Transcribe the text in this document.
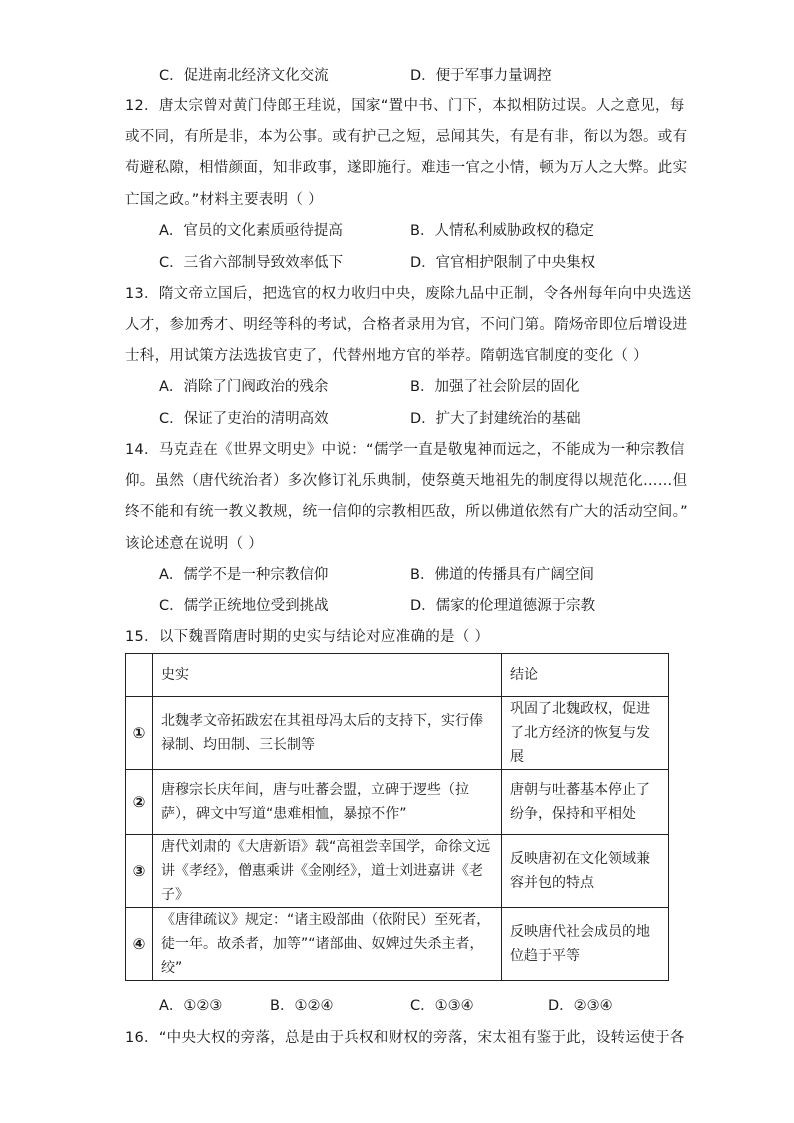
C．促进南北经济文化交流	D．便于军事力量调控
12．唐太宗曾对黄门侍郎王珪说，国家“置中书、门下，本拟相防过误。人之意见，每
或不同，有所是非，本为公事。或有护己之短，忌闻其失，有是有非，衔以为怨。或有
苟避私隙，相惜颜面，知非政事，遂即施行。难违一官之小情，顿为万人之大弊。此实
亡国之政。”材料主要表明（ ）
A．官员的文化素质亟待提高	B．人情私利威胁政权的稳定
C．三省六部制导致效率低下	D．官官相护限制了中央集权
13．隋文帝立国后，把选官的权力收归中央，废除九品中正制，令各州每年向中央选送
人才，参加秀才、明经等科的考试，合格者录用为官，不问门第。隋炀帝即位后增设进
士科，用试策方法选拔官吏了，代替州地方官的举荐。隋朝选官制度的变化（ ）
A．消除了门阀政治的残余	B．加强了社会阶层的固化
C．保证了吏治的清明高效	D．扩大了封建统治的基础
14．马克垚在《世界文明史》中说：“儒学一直是敬鬼神而远之，不能成为一种宗教信
仰。虽然（唐代统治者）多次修订礼乐典制，使祭奠天地祖先的制度得以规范化……但
终不能和有统一教义教规，统一信仰的宗教相匹敌，所以佛道依然有广大的活动空间。”
该论述意在说明（ ）
A．儒学不是一种宗教信仰	B．佛道的传播具有广阔空间
C．儒学正统地位受到挑战	D．儒家的伦理道德源于宗教
15．以下魏晋隋唐时期的史实与结论对应准确的是（ ）
	史实	结论
①	北魏孝文帝拓跋宏在其祖母冯太后的支持下，实行俸禄制、均田制、三长制等	巩固了北魏政权，促进了北方经济的恢复与发展
②	唐穆宗长庆年间，唐与吐蕃会盟，立碑于逻些（拉萨），碑文中写道“患难相恤，暴掠不作”	唐朝与吐蕃基本停止了纷争，保持和平相处
③	唐代刘肃的《大唐新语》载“高祖尝幸国学，命徐文远讲《孝经》，僧惠乘讲《金刚经》，道士刘进嘉讲《老子》	反映唐初在文化领域兼容并包的特点
④	《唐律疏议》规定：“诸主殴部曲（依附民）至死者，徒一年。故杀者，加等”“诸部曲、奴婢过失杀主者，绞”	反映唐代社会成员的地位趋于平等
A．①②③	B．①②④	C．①③④	D．②③④
16．“中央大权的旁落，总是由于兵权和财权的旁落，宋太祖有鉴于此，设转运使于各
